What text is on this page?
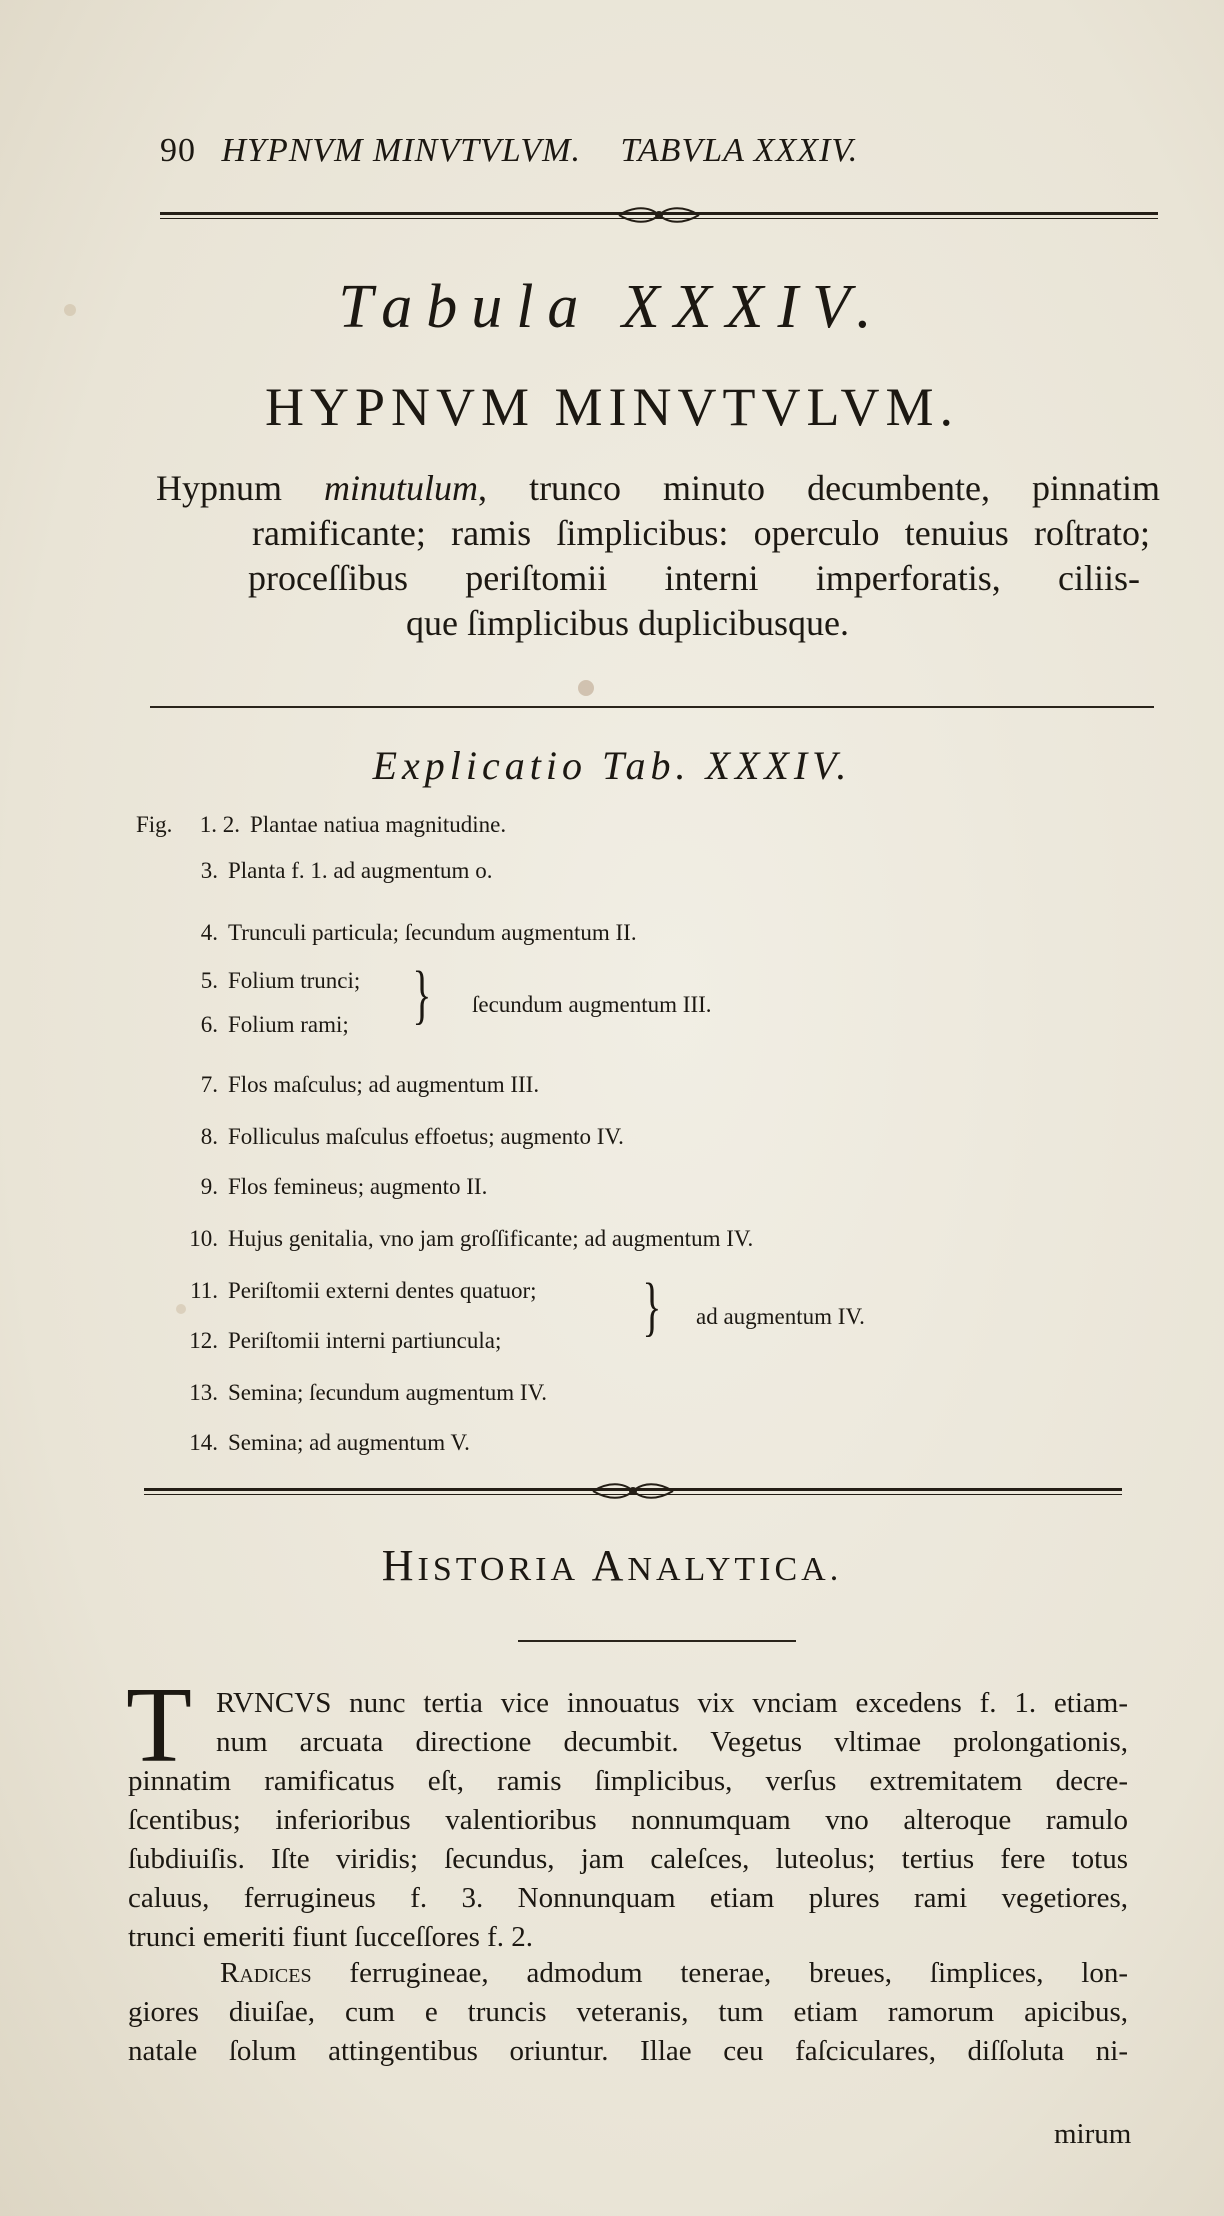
90 HYPNVM MINVTVLVM. TABVLA XXXIV.
Tabula XXXIV.
HYPNVM MINVTVLVM.
Hypnum minutulum, trunco minuto decumbente, pinnatim
ramificante; ramis ſimplicibus: operculo tenuius roſtrato;
proceſſibus periſtomii interni imperforatis, ciliis-
que ſimplicibus duplicibusque.
Explicatio Tab. XXXIV.
Fig.	1. 2. Plantae natiua magnitudine.
3. Planta f. 1. ad augmentum o.
4. Trunculi particula; ſecundum augmentum II.
5. Folium trunci;
6. Folium rami; } ſecundum augmentum III.
7. Flos maſculus; ad augmentum III.
8. Folliculus maſculus effoetus; augmento IV.
9. Flos femineus; augmento II.
10. Hujus genitalia, vno jam groſſificante; ad augmentum IV.
11. Periſtomii externi dentes quatuor;
12. Periſtomii interni partiuncula; } ad augmentum IV.
13. Semina; ſecundum augmentum IV.
14. Semina; ad augmentum V.
HISTORIA ANALYTICA.
T RVNCVS nunc tertia vice innouatus vix vnciam excedens f. 1. etiam-
num arcuata directione decumbit. Vegetus vltimae prolongationis,
pinnatim ramificatus eſt, ramis ſimplicibus, verſus extremitatem decre-
ſcentibus; inferioribus valentioribus nonnumquam vno alteroque ramulo
ſubdiuiſis. Iſte viridis; ſecundus, jam caleſces, luteolus; tertius fere totus
caluus, ferrugineus f. 3. Nonnunquam etiam plures rami vegetiores,
trunci emeriti fiunt ſucceſſores f. 2.
Radices ferrugineae, admodum tenerae, breues, ſimplices, lon-
giores diuiſae, cum e truncis veteranis, tum etiam ramorum apicibus,
natale ſolum attingentibus oriuntur. Illae ceu faſciculares, diſſoluta ni-
mirum
